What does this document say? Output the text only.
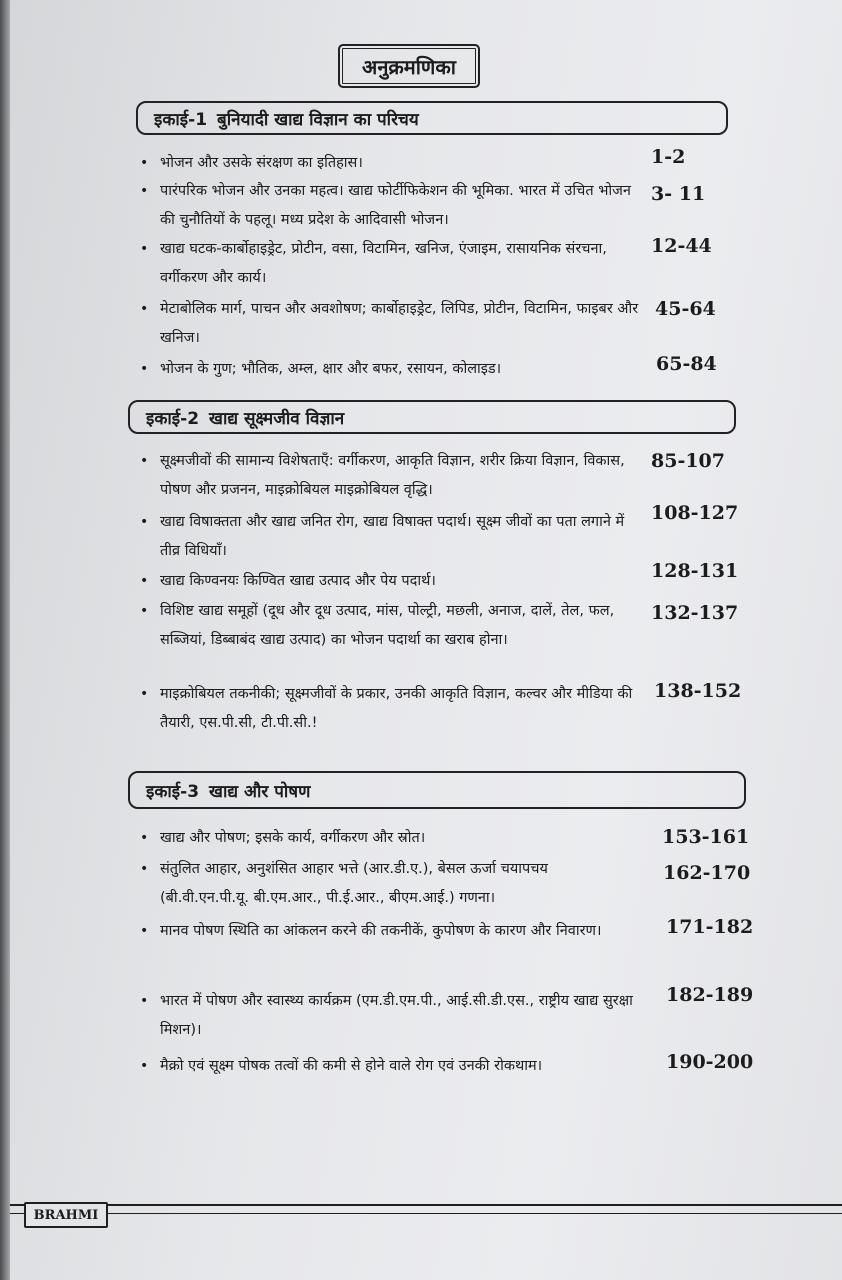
अनुक्रमणिका
इकाई-1 बुनियादी खाद्य विज्ञान का परिचय
• भोजन और उसके संरक्षण का इतिहास।	1-2
• पारंपरिक भोजन और उनका महत्व। खाद्य फोर्टीफिकेशन की भूमिका. भारत में उचित भोजन की चुनौतियों के पहलू। मध्य प्रदेश के आदिवासी भोजन।
3- 11
• खाद्य घटक-कार्बोहाइड्रेट, प्रोटीन, वसा, विटामिन, खनिज, एंजाइम, रासायनिक संरचना, वर्गीकरण और कार्य।
12-44
• मेटाबोलिक मार्ग, पाचन और अवशोषण; कार्बोहाइड्रेट, लिपिड, प्रोटीन, विटामिन, फाइबर और खनिज।
45-64
• भोजन के गुण; भौतिक, अम्ल, क्षार और बफर, रसायन, कोलाइड।	65-84
इकाई-2 खाद्य सूक्ष्मजीव विज्ञान
• सूक्ष्मजीवों की सामान्य विशेषताएँ: वर्गीकरण, आकृति विज्ञान, शरीर क्रिया विज्ञान, विकास, पोषण और प्रजनन, माइक्रोबियल माइक्रोबियल वृद्धि।
85-107
• खाद्य विषाक्तता और खाद्य जनित रोग, खाद्य विषाक्त पदार्थ। सूक्ष्म जीवों का पता लगाने में तीव्र विधियाँ।
108-127
• खाद्य किण्वनयः किण्वित खाद्य उत्पाद और पेय पदार्थ।	128-131
• विशिष्ट खाद्य समूहों (दूध और दूध उत्पाद, मांस, पोल्ट्री, मछली, अनाज, दालें, तेल, फल, सब्जियां, डिब्बाबंद खाद्य उत्पाद) का भोजन पदार्था का खराब होना।
132-137
• माइक्रोबियल तकनीकी; सूक्ष्मजीवों के प्रकार, उनकी आकृति विज्ञान, कल्वर और मीडिया की तैयारी, एस.पी.सी, टी.पी.सी.!
138-152
इकाई-3 खाद्य और पोषण
• खाद्य और पोषण; इसके कार्य, वर्गीकरण और स्रोत।	153-161
• संतुलित आहार, अनुशंसित आहार भत्ते (आर.डी.ए.), बेसल ऊर्जा चयापचय (बी.वी.एन.पी.यू. बी.एम.आर., पी.ई.आर., बीएम.आई.) गणना।
162-170
• मानव पोषण स्थिति का आंकलन करने की तकनीकें, कुपोषण के कारण और निवारण।	171-182
• भारत में पोषण और स्वास्थ्य कार्यक्रम (एम.डी.एम.पी., आई.सी.डी.एस., राष्ट्रीय खाद्य सुरक्षा मिशन)।
182-189
• मैक्रो एवं सूक्ष्म पोषक तत्वों की कमी से होने वाले रोग एवं उनकी रोकथाम।	190-200
BRAHMI
